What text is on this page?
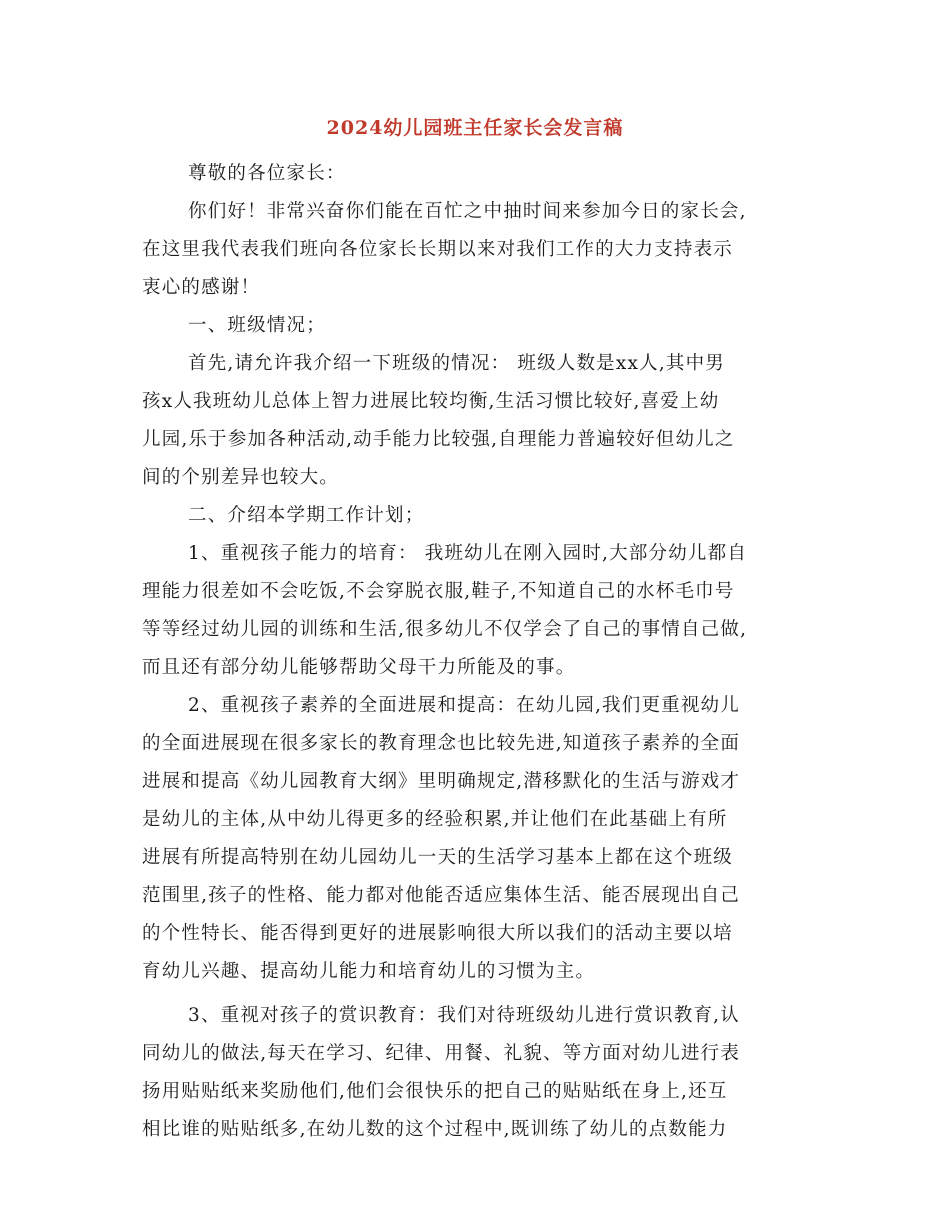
2024幼儿园班主任家长会发言稿
尊敬的各位家长：
你们好！非常兴奋你们能在百忙之中抽时间来参加今日的家长会,
在这里我代表我们班向各位家长长期以来对我们工作的大力支持表示
衷心的感谢！
一、班级情况；
首先,请允许我介绍一下班级的情况： 班级人数是xx人,其中男
孩x人我班幼儿总体上智力进展比较均衡,生活习惯比较好,喜爱上幼
儿园,乐于参加各种活动,动手能力比较强,自理能力普遍较好但幼儿之
间的个别差异也较大。
二、介绍本学期工作计划；
1、重视孩子能力的培育： 我班幼儿在刚入园时,大部分幼儿都自
理能力很差如不会吃饭,不会穿脱衣服,鞋子,不知道自己的水杯毛巾号
等等经过幼儿园的训练和生活,很多幼儿不仅学会了自己的事情自己做,
而且还有部分幼儿能够帮助父母干力所能及的事。
2、重视孩子素养的全面进展和提高：在幼儿园,我们更重视幼儿
的全面进展现在很多家长的教育理念也比较先进,知道孩子素养的全面
进展和提高《幼儿园教育大纲》里明确规定,潜移默化的生活与游戏才
是幼儿的主体,从中幼儿得更多的经验积累,并让他们在此基础上有所
进展有所提高特别在幼儿园幼儿一天的生活学习基本上都在这个班级
范围里,孩子的性格、能力都对他能否适应集体生活、能否展现出自己
的个性特长、能否得到更好的进展影响很大所以我们的活动主要以培
育幼儿兴趣、提高幼儿能力和培育幼儿的习惯为主。
3、重视对孩子的赏识教育：我们对待班级幼儿进行赏识教育,认
同幼儿的做法,每天在学习、纪律、用餐、礼貌、等方面对幼儿进行表
扬用贴贴纸来奖励他们,他们会很快乐的把自己的贴贴纸在身上,还互
相比谁的贴贴纸多,在幼儿数的这个过程中,既训练了幼儿的点数能力
